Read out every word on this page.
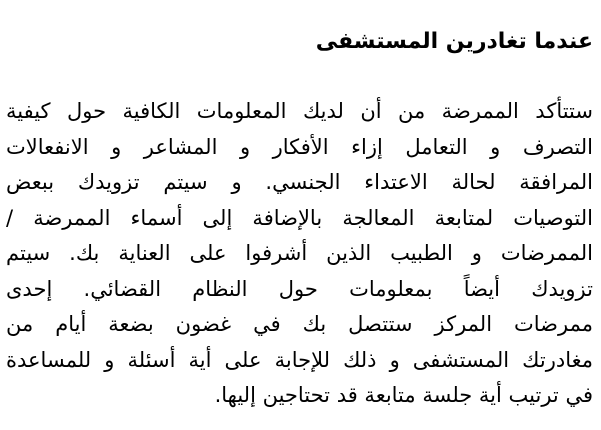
عندما تغادرين المستشفى
ستتأكد الممرضة من أن لديك المعلومات الكافية حول كيفية
التصرف و التعامل إزاء الأفكار و المشاعر و الانفعالات
المرافقة لحالة الاعتداء الجنسي. و سيتم تزويدك ببعض
التوصيات لمتابعة المعالجة بالإضافة إلى أسماء الممرضة /
الممرضات و الطبيب الذين أشرفوا على العناية بك. سيتم
تزويدك أيضاً بمعلومات حول النظام القضائي. إحدى
ممرضات المركز ستتصل بك في غضون بضعة أيام من
مغادرتك المستشفى و ذلك للإجابة على أية أسئلة و للمساعدة
في ترتيب أية جلسة متابعة قد تحتاجين إليها.
